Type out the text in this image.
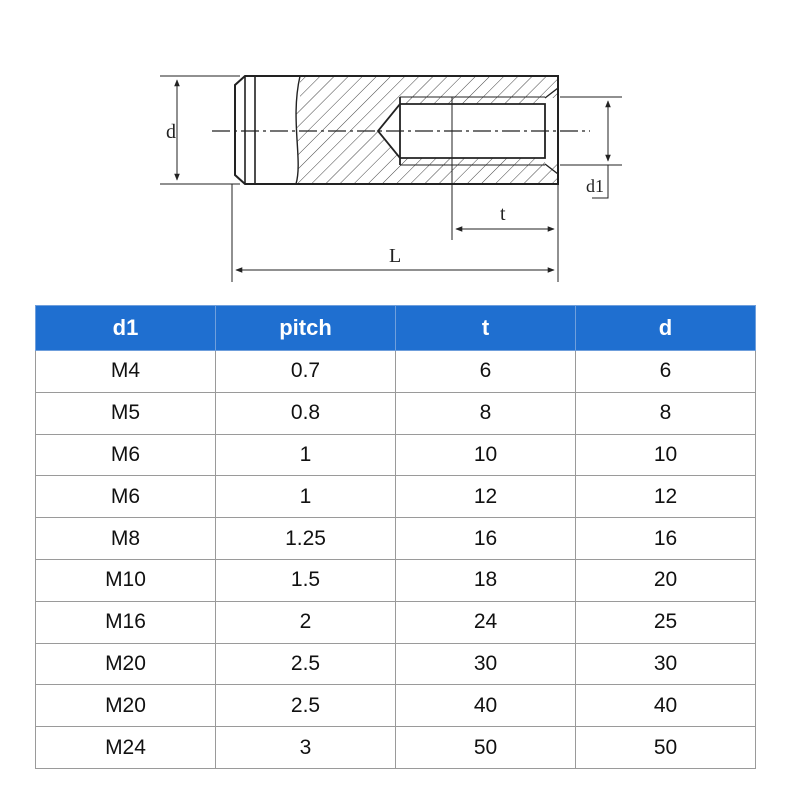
d
d1
t
L
d1	pitch	t	d
M4	0.7	6	6
M5	0.8	8	8
M6	1	10	10
M6	1	12	12
M8	1.25	16	16
M10	1.5	18	20
M16	2	24	25
M20	2.5	30	30
M20	2.5	40	40
M24	3	50	50
